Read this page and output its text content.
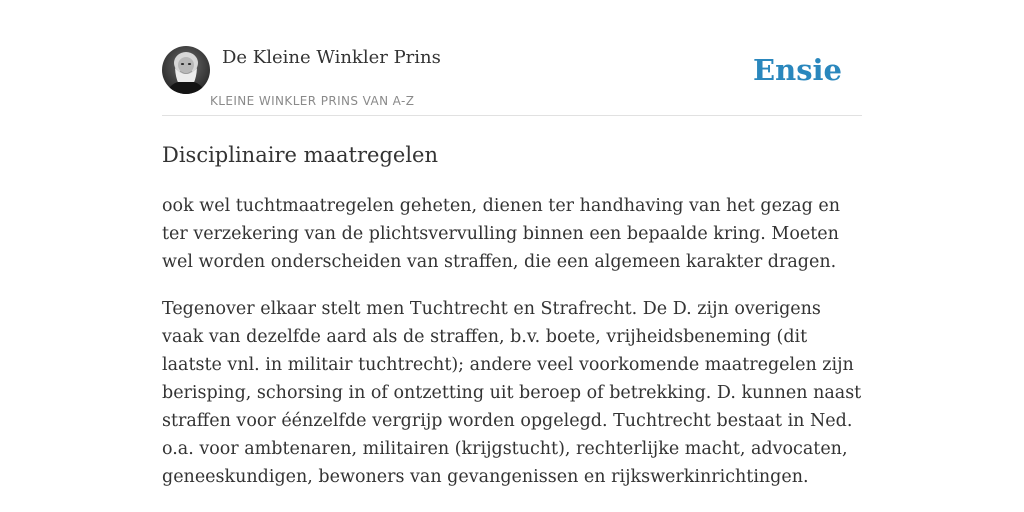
De Kleine Winkler Prins
KLEINE WINKLER PRINS VAN A-Z
Ensie
Disciplinaire maatregelen

ook wel tuchtmaatregelen geheten, dienen ter handhaving van het gezag en ter verzekering van de plichtsvervulling binnen een bepaalde kring. Moeten wel worden onderscheiden van straffen, die een algemeen karakter dragen.

Tegenover elkaar stelt men Tuchtrecht en Strafrecht. De D. zijn overigens vaak van dezelfde aard als de straffen, b.v. boete, vrijheidsbeneming (dit laatste vnl. in militair tuchtrecht); andere veel voorkomende maatregelen zijn berisping, schorsing in of ontzetting uit beroep of betrekking. D. kunnen naast straffen voor éénzelfde vergrijp worden opgelegd. Tuchtrecht bestaat in Ned. o.a. voor ambtenaren, militairen (krijgstucht), rechterlijke macht, advocaten, geneeskundigen, bewoners van gevangenissen en rijkswerkinrichtingen.
